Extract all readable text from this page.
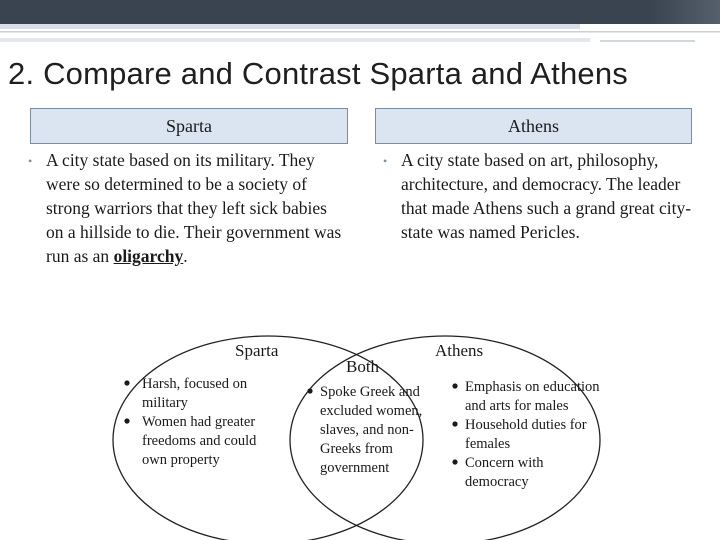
2. Compare and Contrast Sparta and Athens
Sparta	Athens
• A city state based on its military. They were so determined to be a society of strong warriors that they left sick babies on a hillside to die. Their government was run as an oligarchy.
• A city state based on art, philosophy, architecture, and democracy. The leader that made Athens such a grand great city-state was named Pericles.
Sparta
Both
Athens
Harsh, focused on
military
Women had greater
freedoms and could
own property
Spoke Greek and
excluded women,
slaves, and non-
Greeks from
government
Emphasis on education
and arts for males
Household duties for
females
Concern with
democracy
